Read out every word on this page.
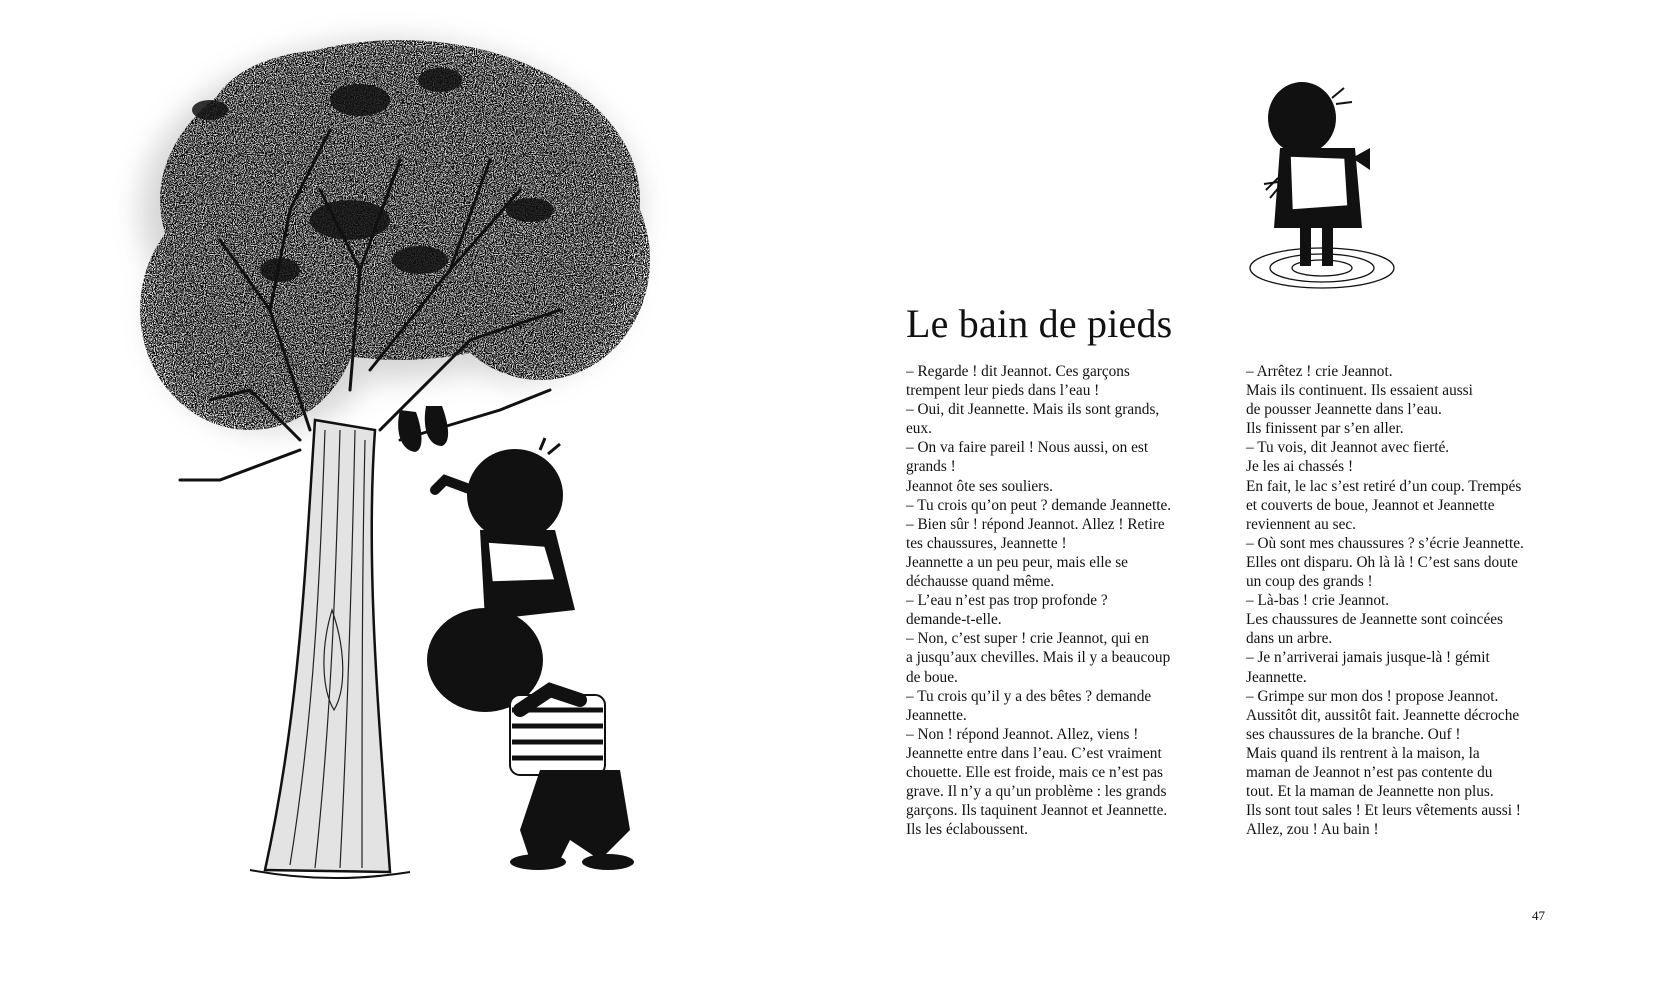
Le bain de pieds
– Regarde ! dit Jeannot. Ces garçons
trempent leur pieds dans l’eau !
– Oui, dit Jeannette. Mais ils sont grands,
eux.
– On va faire pareil ! Nous aussi, on est
grands !
Jeannot ôte ses souliers.
– Tu crois qu’on peut ? demande Jeannette.
– Bien sûr ! répond Jeannot. Allez ! Retire
tes chaussures, Jeannette !
Jeannette a un peu peur, mais elle se
déchausse quand même.
– L’eau n’est pas trop profonde ?
demande-t-elle.
– Non, c’est super ! crie Jeannot, qui en
a jusqu’aux chevilles. Mais il y a beaucoup
de boue.
– Tu crois qu’il y a des bêtes ? demande
Jeannette.
– Non ! répond Jeannot. Allez, viens !
Jeannette entre dans l’eau. C’est vraiment
chouette. Elle est froide, mais ce n’est pas
grave. Il n’y a qu’un problème : les grands
garçons. Ils taquinent Jeannot et Jeannette.
Ils les éclaboussent.
– Arrêtez ! crie Jeannot.
Mais ils continuent. Ils essaient aussi
de pousser Jeannette dans l’eau.
Ils finissent par s’en aller.
– Tu vois, dit Jeannot avec fierté.
Je les ai chassés !
En fait, le lac s’est retiré d’un coup. Trempés
et couverts de boue, Jeannot et Jeannette
reviennent au sec.
– Où sont mes chaussures ? s’écrie Jeannette.
Elles ont disparu. Oh là là ! C’est sans doute
un coup des grands !
– Là-bas ! crie Jeannot.
Les chaussures de Jeannette sont coincées
dans un arbre.
– Je n’arriverai jamais jusque-là ! gémit
Jeannette.
– Grimpe sur mon dos ! propose Jeannot.
Aussitôt dit, aussitôt fait. Jeannette décroche
ses chaussures de la branche. Ouf !
Mais quand ils rentrent à la maison, la
maman de Jeannot n’est pas contente du
tout. Et la maman de Jeannette non plus.
Ils sont tout sales ! Et leurs vêtements aussi !
Allez, zou ! Au bain !
47
